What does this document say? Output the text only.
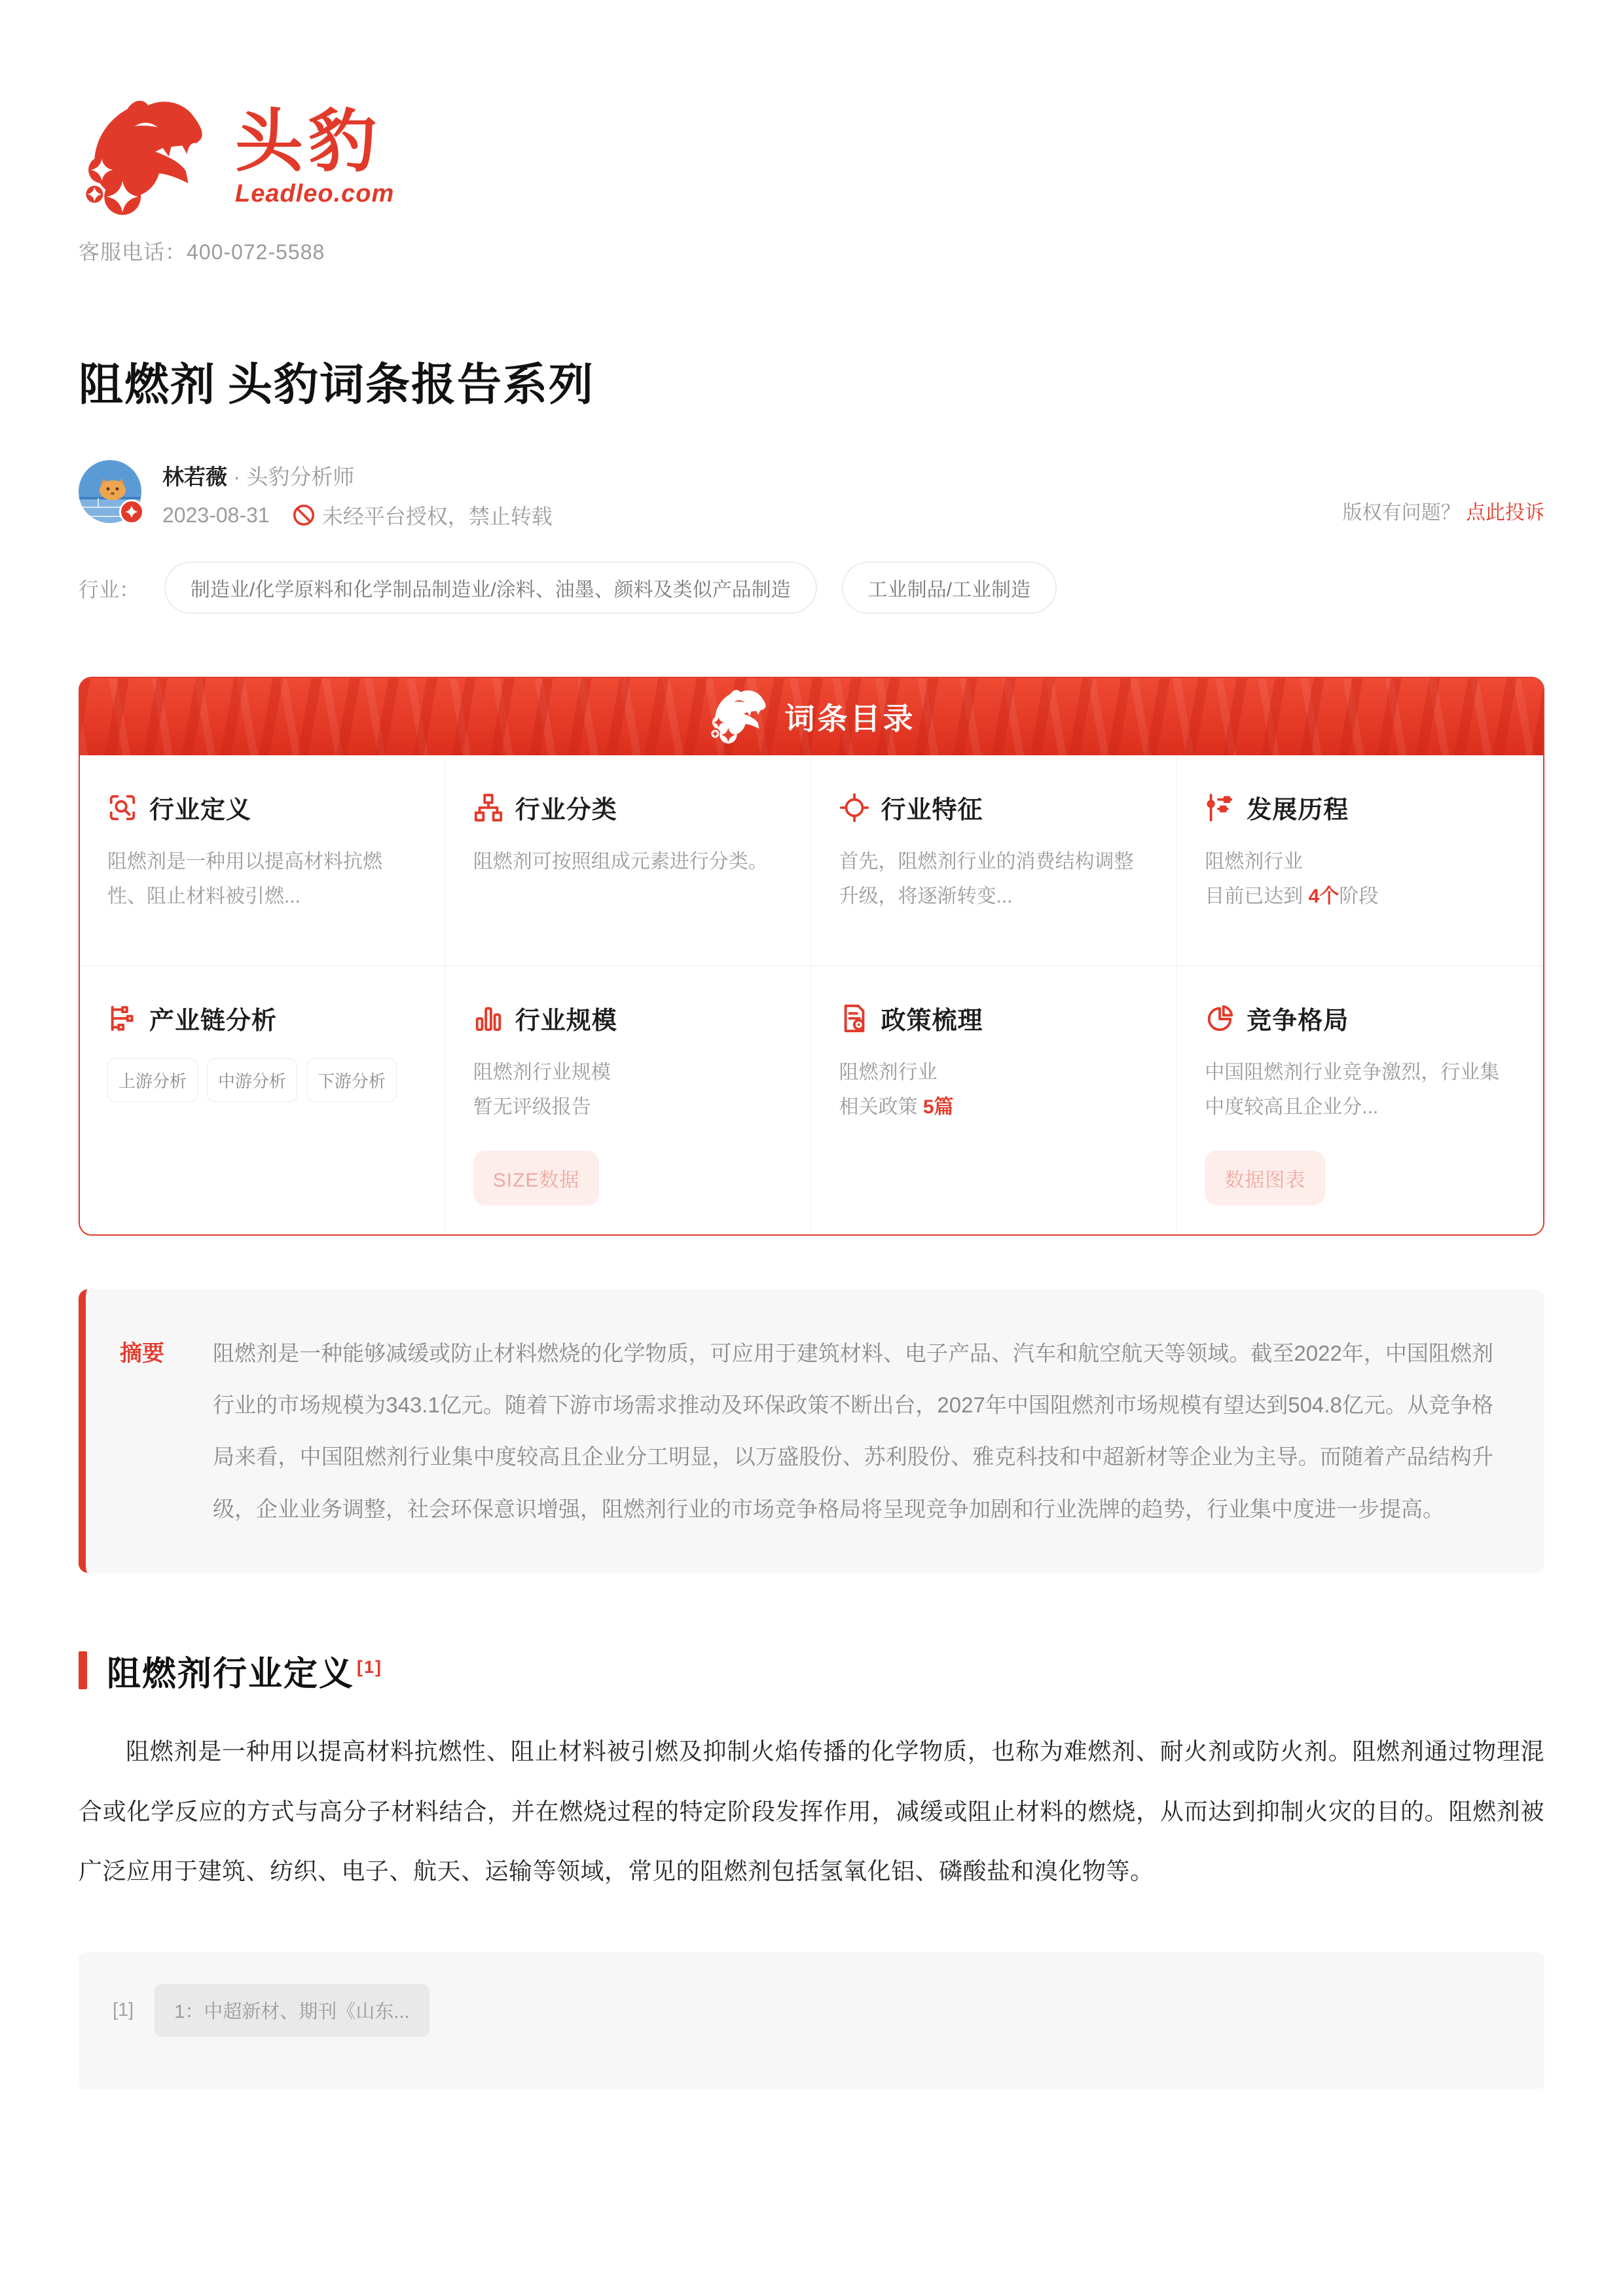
头豹
Leadleo.com
客服电话：400-072-5588
阻燃剂 头豹词条报告系列
林若薇 · 头豹分析师
2023-08-31	未经平台授权，禁止转载	版权有问题？ 点此投诉
行业：	制造业/化学原料和化学制品制造业/涂料、油墨、颜料及类似产品制造	工业制品/工业制造
词条目录
行业定义
阻燃剂是一种用以提高材料抗燃性、阻止材料被引燃...
行业分类
阻燃剂可按照组成元素进行分类。
行业特征
首先，阻燃剂行业的消费结构调整升级，将逐渐转变...
发展历程
阻燃剂行业
目前已达到 4个阶段
产业链分析
上游分析	中游分析	下游分析
行业规模
阻燃剂行业规模
暂无评级报告
SIZE数据
政策梳理
阻燃剂行业
相关政策 5篇
竞争格局
中国阻燃剂行业竞争激烈，行业集中度较高且企业分...
数据图表
摘要	阻燃剂是一种能够减缓或防止材料燃烧的化学物质，可应用于建筑材料、电子产品、汽车和航空航天等领域。截至2022年，中国阻燃剂行业的市场规模为343.1亿元。随着下游市场需求推动及环保政策不断出台，2027年中国阻燃剂市场规模有望达到504.8亿元。从竞争格局来看，中国阻燃剂行业集中度较高且企业分工明显，以万盛股份、苏利股份、雅克科技和中超新材等企业为主导。而随着产品结构升级，企业业务调整，社会环保意识增强，阻燃剂行业的市场竞争格局将呈现竞争加剧和行业洗牌的趋势，行业集中度进一步提高。
阻燃剂行业定义 [1]

阻燃剂是一种用以提高材料抗燃性、阻止材料被引燃及抑制火焰传播的化学物质，也称为难燃剂、耐火剂或防火剂。阻燃剂通过物理混合或化学反应的方式与高分子材料结合，并在燃烧过程的特定阶段发挥作用，减缓或阻止材料的燃烧，从而达到抑制火灾的目的。阻燃剂被广泛应用于建筑、纺织、电子、航天、运输等领域，常见的阻燃剂包括氢氧化铝、磷酸盐和溴化物等。

[1]	1：中超新材、期刊《山东...
